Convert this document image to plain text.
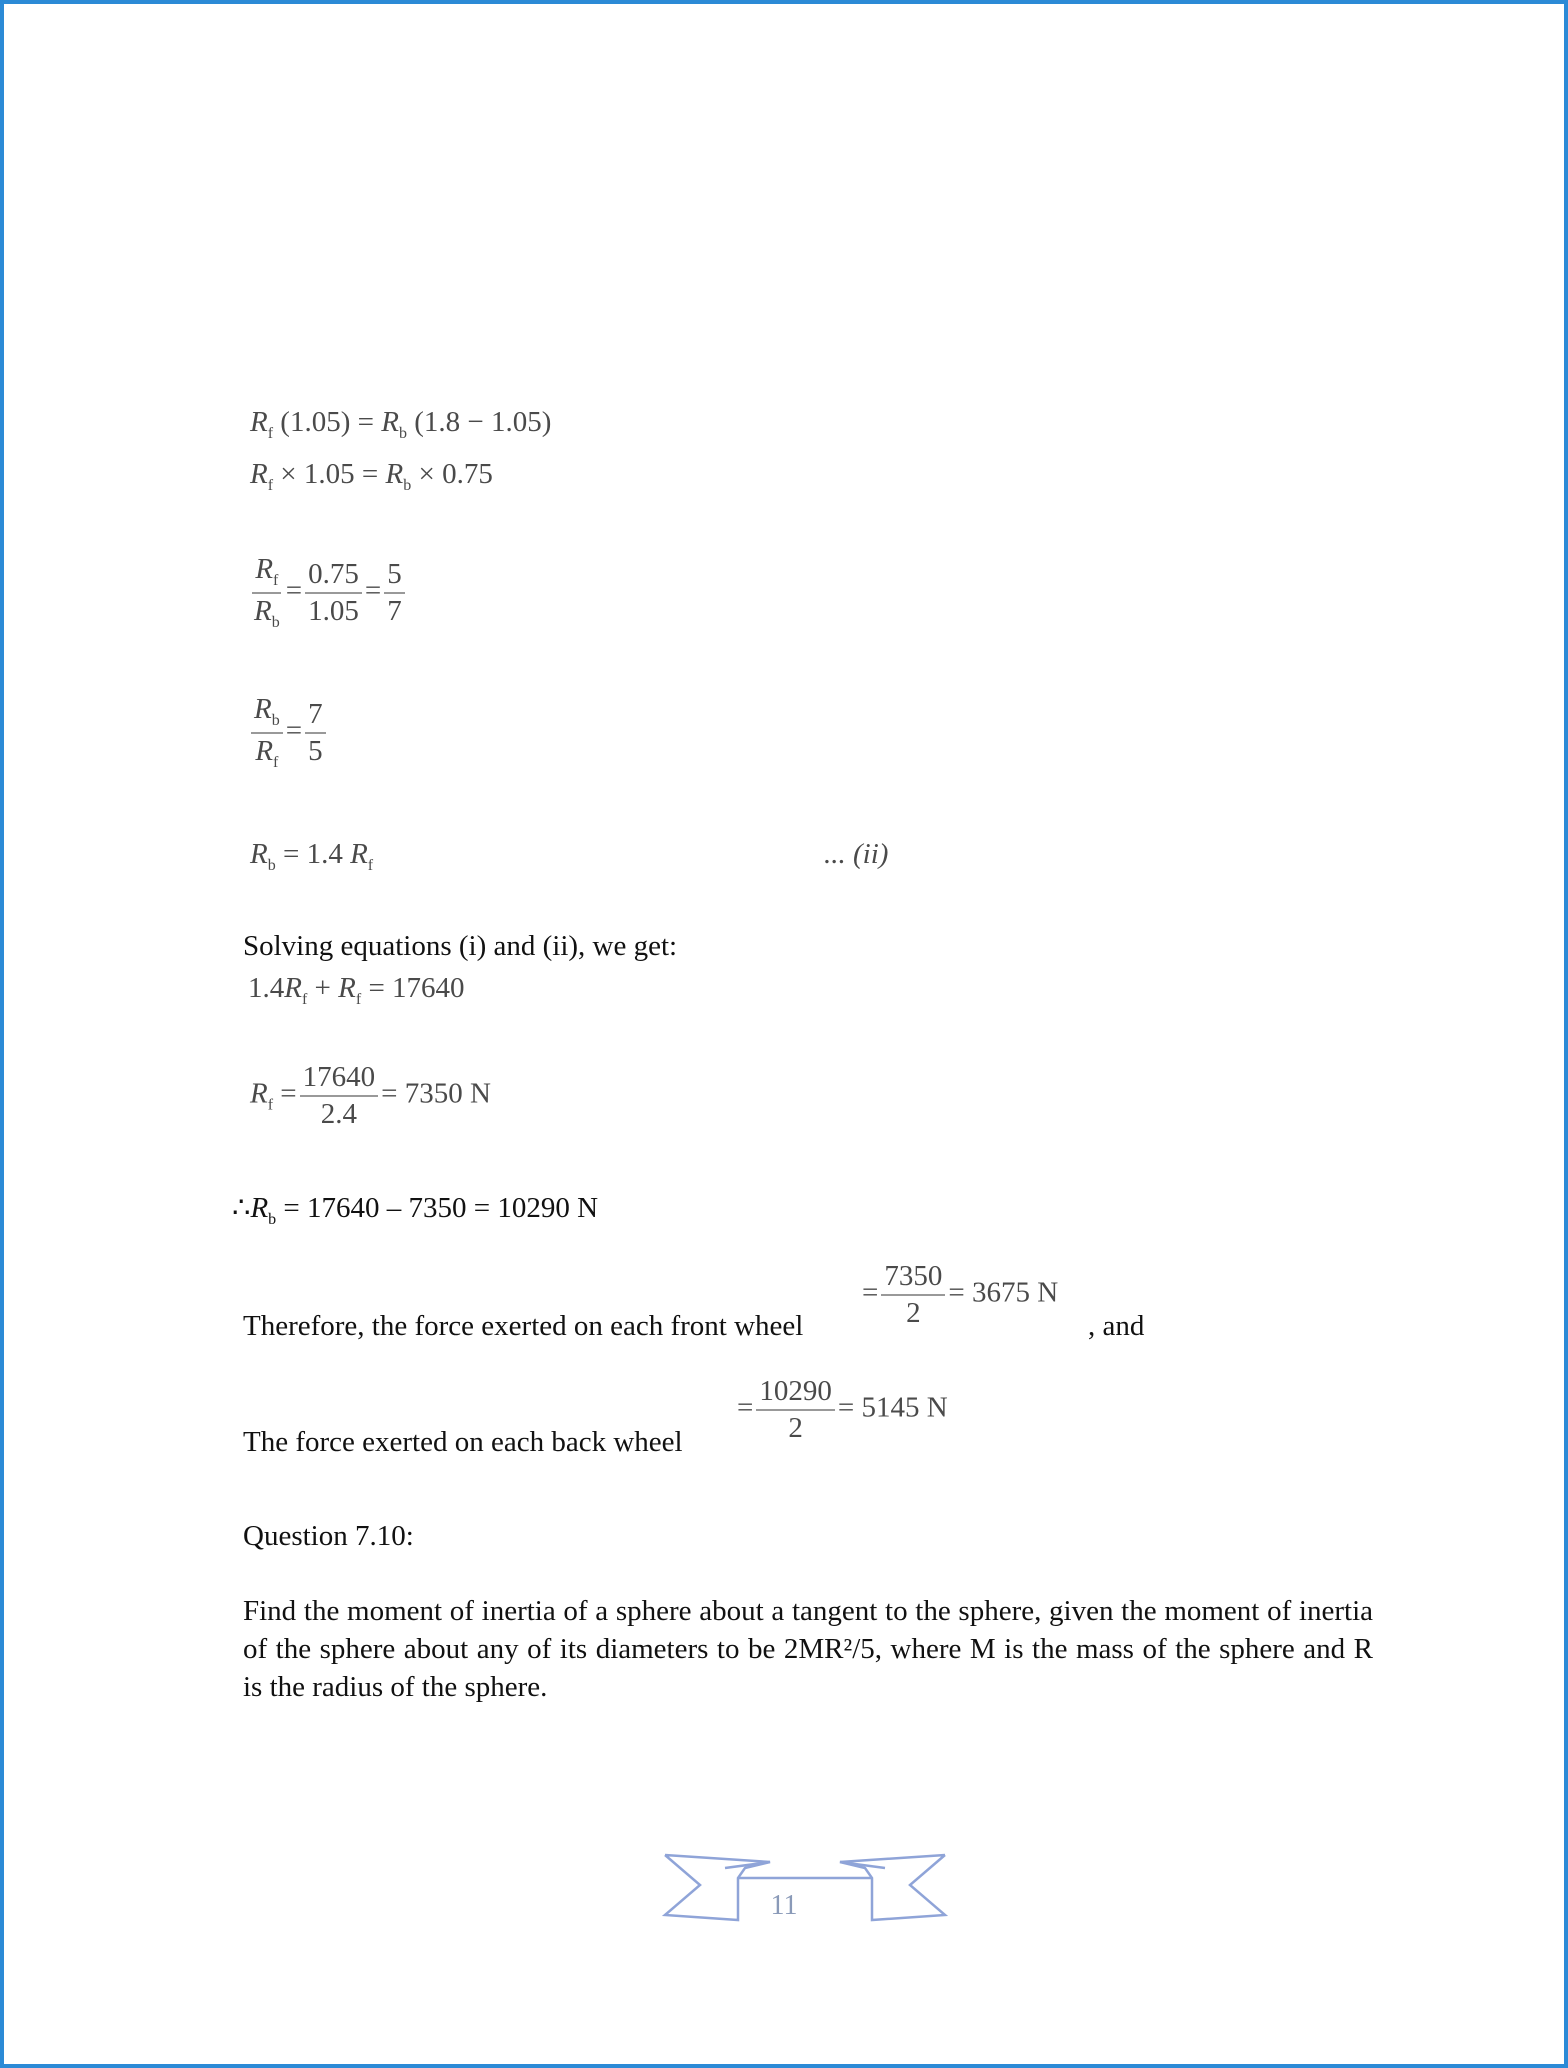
$R_f$ $(1.05) = R_b$ (1.8 − 1.05)
$R_f \times 1.05 = R_b \times 0.75$
$\frac{R_f}{R_b} = \frac{0.75}{1.05} = \frac{5}{7}$
$\frac{R_b}{R_f} = \frac{7}{5}$
$R_b = 1.4$ $R_f$	... (ii)
Solving equations (i) and (ii), we get:
$1.4R_f + R_f = 17640$
$R_f = \frac{17640}{2.4} = 7350$ N
$\therefore R_b = 17640 - 7350 = 10290$ N
Therefore, the force exerted on each front wheel
= $\frac{7350}{2} = 3675$ N
, and
The force exerted on each back wheel
= $\frac{10290}{2} = 5145$ N
Question 7.10:
Find the moment of inertia of a sphere about a tangent to the sphere, given the moment of inertia of the sphere about any of its diameters to be 2MR²/5, where M is the mass of the sphere and R is the radius of the sphere.
11
